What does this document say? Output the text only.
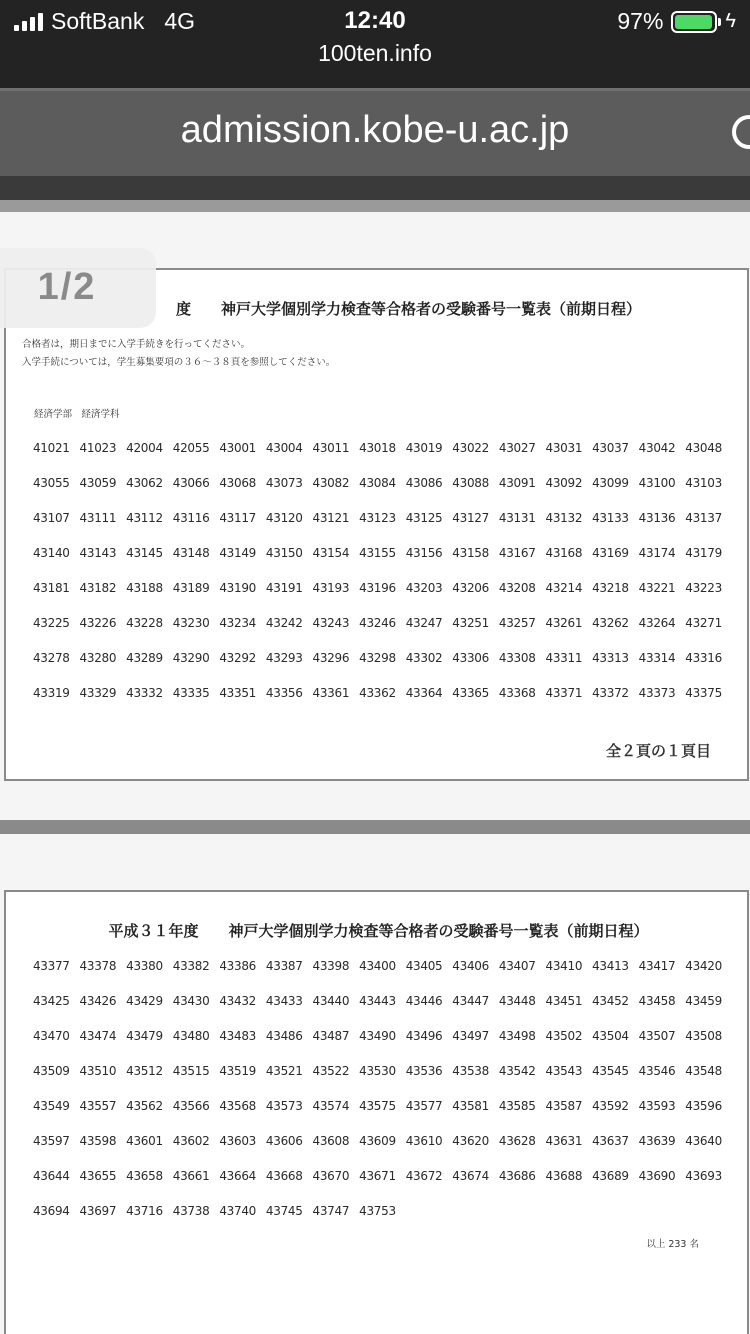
SoftBank 4G	12:40	97%	ϟ
100ten.info
admission.kobe-u.ac.jp
度　　神戸大学個別学力検査等合格者の受験番号一覧表（前期日程）
合格者は，期日までに入学手続きを行ってください。
入学手続については，学生募集要項の３６～３８頁を参照してください。
経済学部　経済学科
41021 41023 42004 42055 43001 43004 43011 43018 43019 43022 43027 43031 43037 43042 43048
43055 43059 43062 43066 43068 43073 43082 43084 43086 43088 43091 43092 43099 43100 43103
43107 43111 43112 43116 43117 43120 43121 43123 43125 43127 43131 43132 43133 43136 43137
43140 43143 43145 43148 43149 43150 43154 43155 43156 43158 43167 43168 43169 43174 43179
43181 43182 43188 43189 43190 43191 43193 43196 43203 43206 43208 43214 43218 43221 43223
43225 43226 43228 43230 43234 43242 43243 43246 43247 43251 43257 43261 43262 43264 43271
43278 43280 43289 43290 43292 43293 43296 43298 43302 43306 43308 43311 43313 43314 43316
43319 43329 43332 43335 43351 43356 43361 43362 43364 43365 43368 43371 43372 43373 43375
全２頁の１頁目
平成３１年度　　神戸大学個別学力検査等合格者の受験番号一覧表（前期日程）
43377 43378 43380 43382 43386 43387 43398 43400 43405 43406 43407 43410 43413 43417 43420
43425 43426 43429 43430 43432 43433 43440 43443 43446 43447 43448 43451 43452 43458 43459
43470 43474 43479 43480 43483 43486 43487 43490 43496 43497 43498 43502 43504 43507 43508
43509 43510 43512 43515 43519 43521 43522 43530 43536 43538 43542 43543 43545 43546 43548
43549 43557 43562 43566 43568 43573 43574 43575 43577 43581 43585 43587 43592 43593 43596
43597 43598 43601 43602 43603 43606 43608 43609 43610 43620 43628 43631 43637 43639 43640
43644 43655 43658 43661 43664 43668 43670 43671 43672 43674 43686 43688 43689 43690 43693
43694 43697 43716 43738 43740 43745 43747 43753
以上 233 名
1/2
